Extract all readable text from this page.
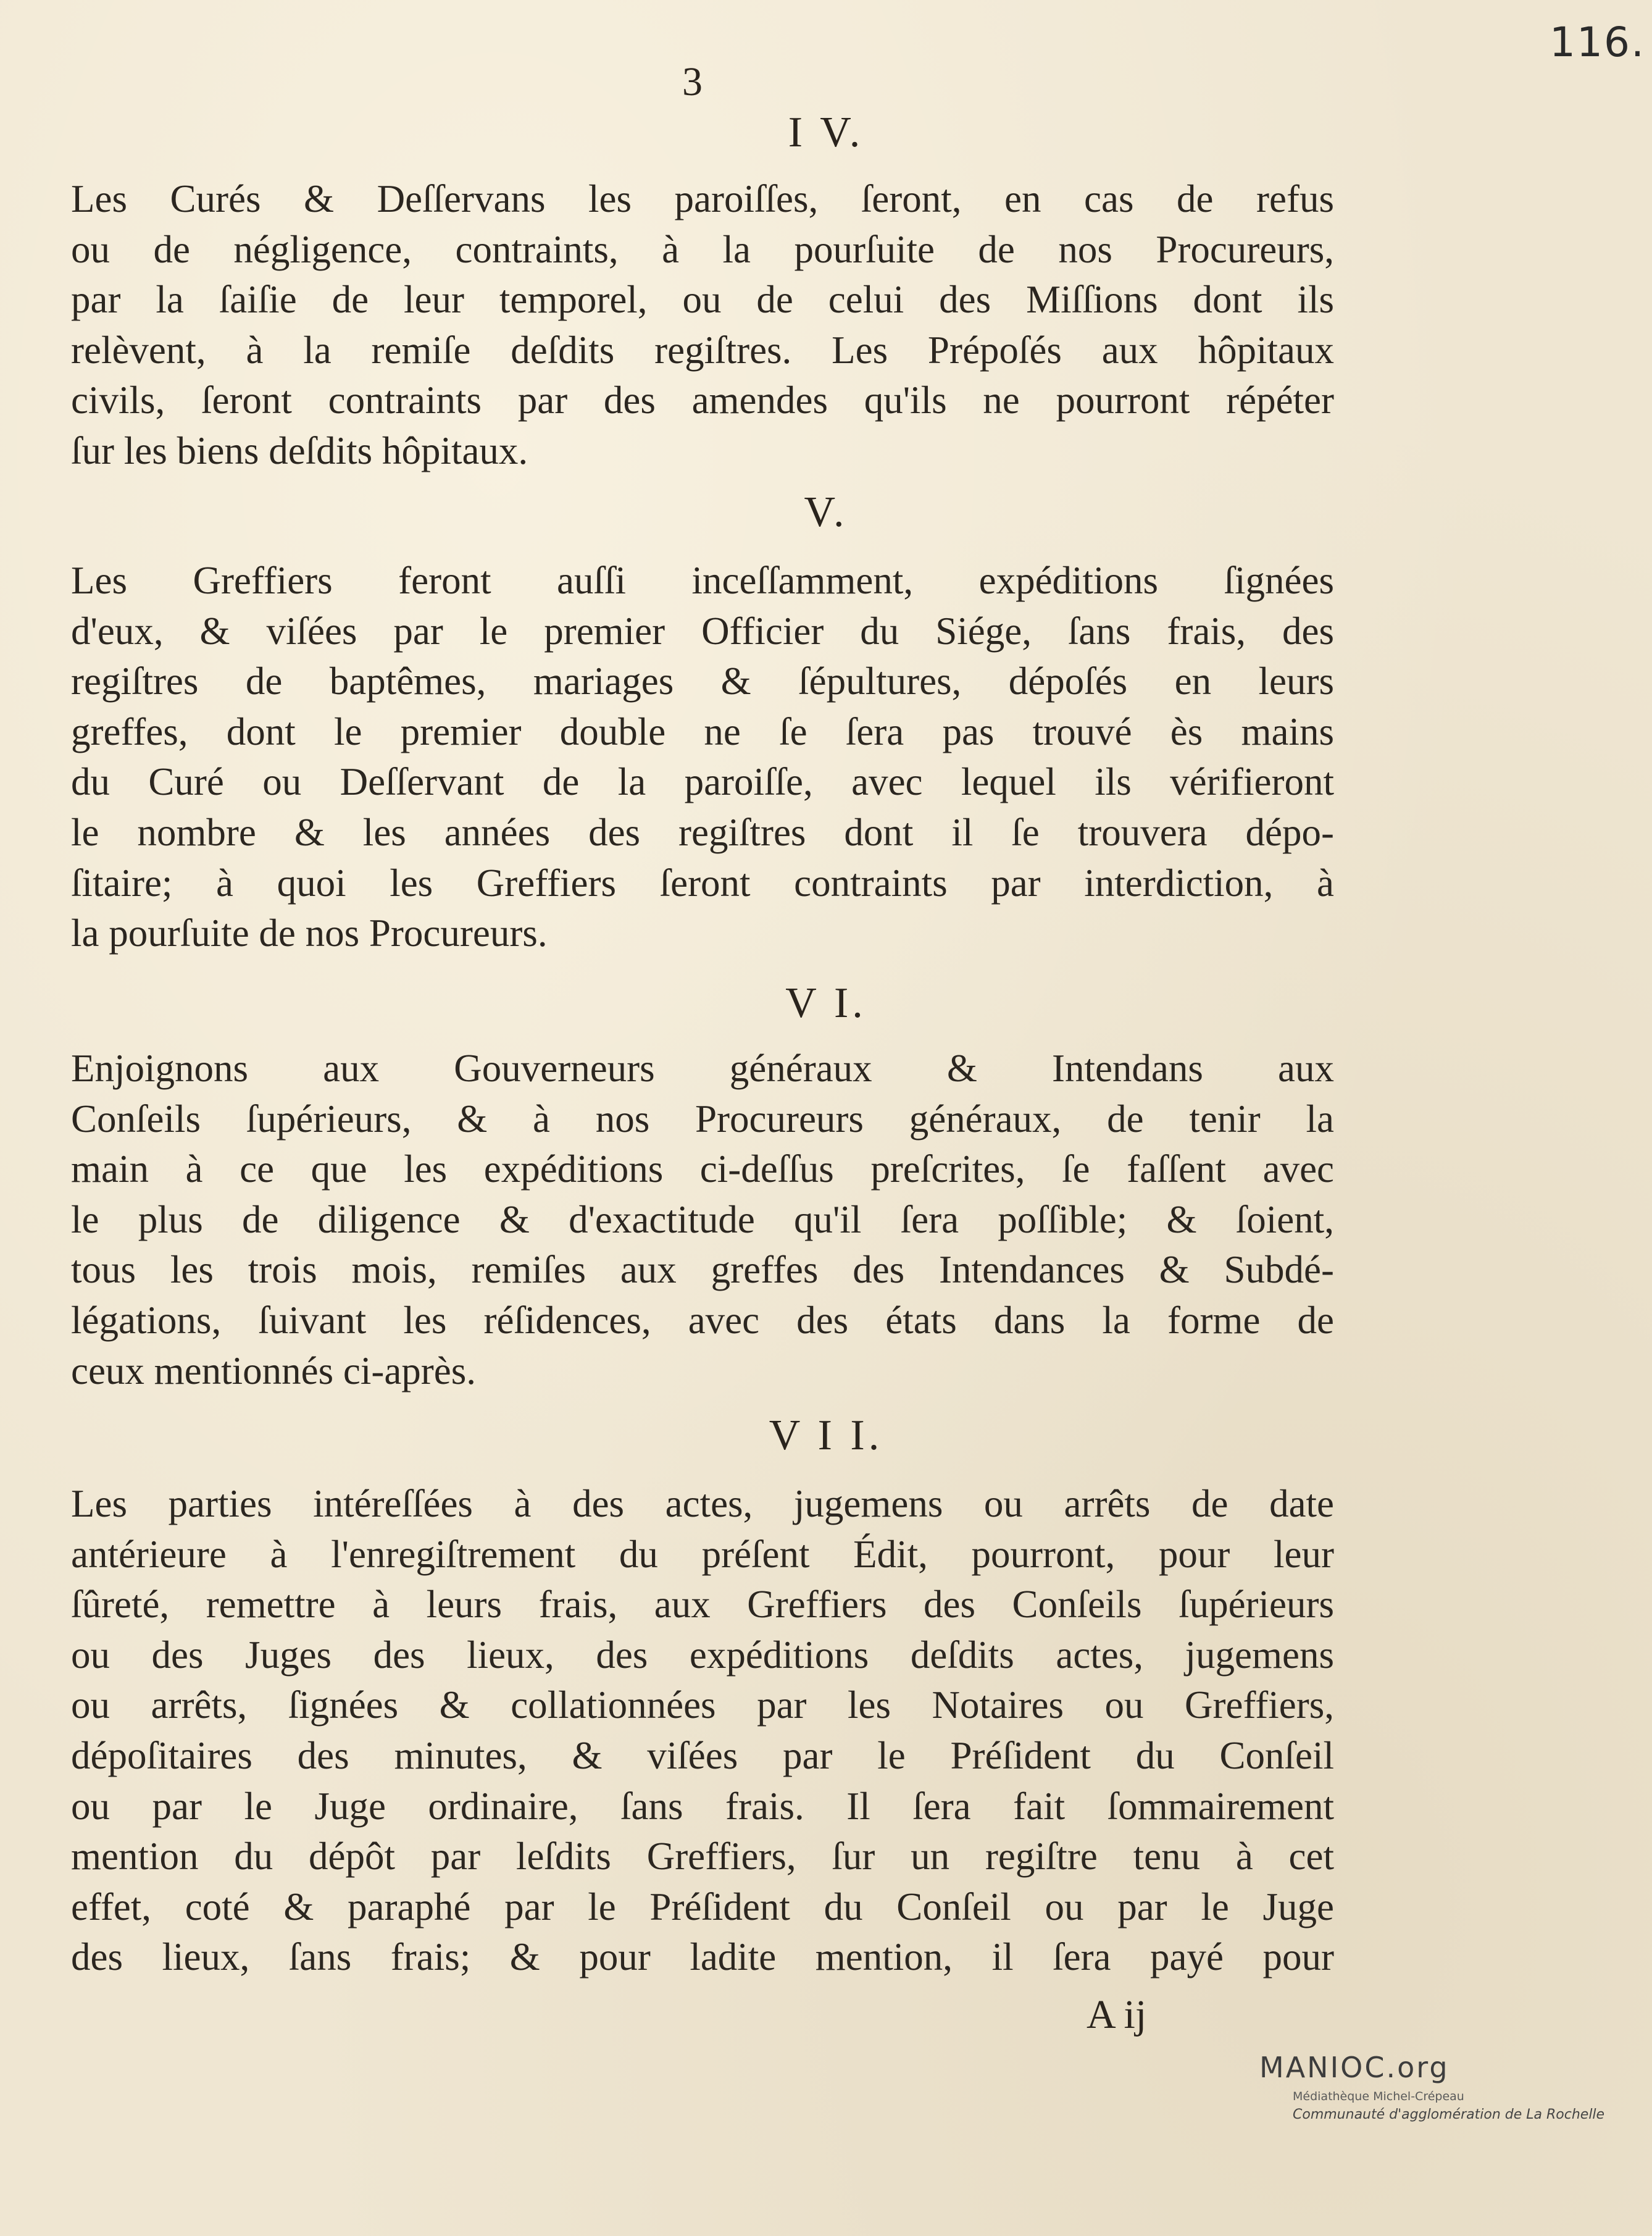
116.
3
I V.
Les Curés & Deſſervans les paroiſſes, ſeront, en cas de refus
ou de négligence, contraints, à la pourſuite de nos Procureurs,
par la ſaiſie de leur temporel, ou de celui des Miſſions dont ils
relèvent, à la remiſe deſdits regiſtres. Les Prépoſés aux hôpitaux
civils, ſeront contraints par des amendes qu'ils ne pourront répéter
ſur les biens deſdits hôpitaux.
V.
Les Greffiers feront auſſi inceſſamment, expéditions ſignées
d'eux, & viſées par le premier Officier du Siége, ſans frais, des
regiſtres de baptêmes, mariages & ſépultures, dépoſés en leurs
greffes, dont le premier double ne ſe ſera pas trouvé ès mains
du Curé ou Deſſervant de la paroiſſe, avec lequel ils vérifieront
le nombre & les années des regiſtres dont il ſe trouvera dépo-
ſitaire; à quoi les Greffiers ſeront contraints par interdiction, à
la pourſuite de nos Procureurs.
V I.
Enjoignons aux Gouverneurs généraux & Intendans aux
Conſeils ſupérieurs, & à nos Procureurs généraux, de tenir la
main à ce que les expéditions ci-deſſus preſcrites, ſe faſſent avec
le plus de diligence & d'exactitude qu'il ſera poſſible; & ſoient,
tous les trois mois, remiſes aux greffes des Intendances & Subdé-
légations, ſuivant les réſidences, avec des états dans la forme de
ceux mentionnés ci-après.
V I I.
Les parties intéreſſées à des actes, jugemens ou arrêts de date
antérieure à l'enregiſtrement du préſent Édit, pourront, pour leur
ſûreté, remettre à leurs frais, aux Greffiers des Conſeils ſupérieurs
ou des Juges des lieux, des expéditions deſdits actes, jugemens
ou arrêts, ſignées & collationnées par les Notaires ou Greffiers,
dépoſitaires des minutes, & viſées par le Préſident du Conſeil
ou par le Juge ordinaire, ſans frais. Il ſera fait ſommairement
mention du dépôt par leſdits Greffiers, ſur un regiſtre tenu à cet
effet, coté & paraphé par le Préſident du Conſeil ou par le Juge
des lieux, ſans frais; & pour ladite mention, il ſera payé pour
A ij
MANIOC.org
Médiathèque Michel-Crépeau
Communauté d'agglomération de La Rochelle
